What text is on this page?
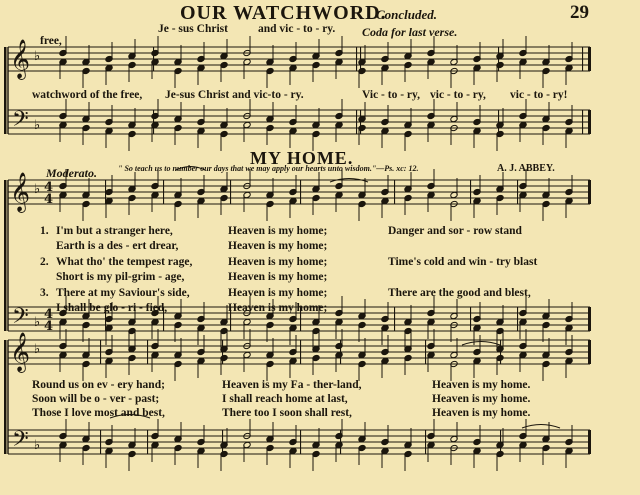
𝄞
𝄢
♭
♭
𝄞
𝄢
♭
♭
4
4
4
4
𝄞
𝄢
♭
♭
OUR WATCHWORD.
Concluded.	29
free,
Je - sus Christ	and vic - to - ry. Coda for last verse.
watchword of the free, Je-sus Christ and vic-to - ry.	Vic - to - ry, vic - to - ry, vic - to - ry!
MY HOME.
Moderato.	" So teach us to number our days that we may apply our hearts unto wisdom."—Ps. xc: 12.	A. J. ABBEY.
1. I'm but a stranger here,	Heaven is my home;	Danger and sor - row stand
Earth is a des - ert drear,	Heaven is my home;
2. What tho' the tempest rage,	Heaven is my home;	Time's cold and win - try blast
Short is my pil-grim - age,	Heaven is my home;
3. There at my Saviour's side,	Heaven is my home;	There are the good and blest,
I shall be glo - ri - fied,	Heaven is my home;
Round us on ev - ery hand;	Heaven is my Fa - ther-land,	Heaven is my home.
Soon will be o - ver - past;	I shall reach home at last,	Heaven is my home.
Those I love most and best,	There too I soon shall rest,	Heaven is my home.
